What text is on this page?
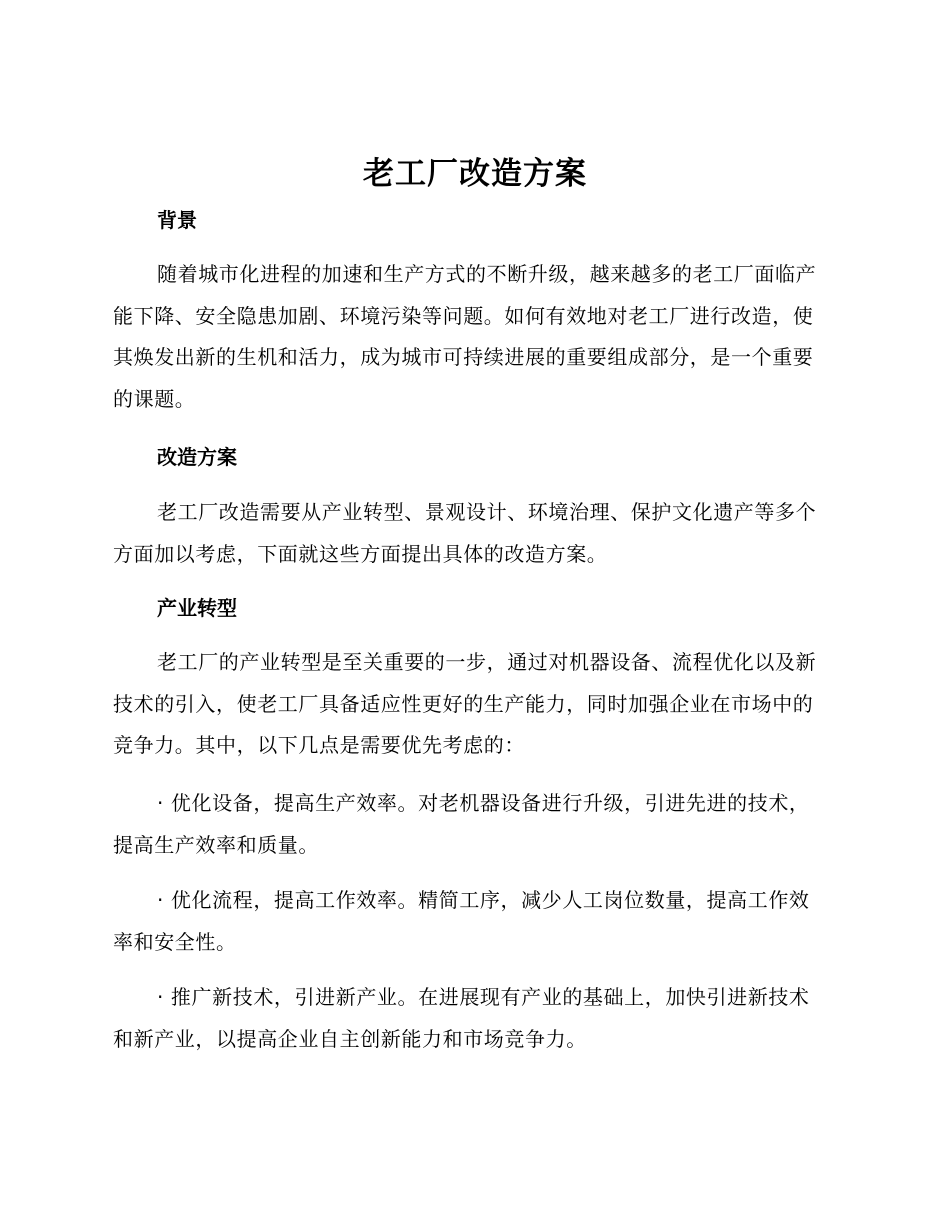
老工厂改造方案
背景

随着城市化进程的加速和生产方式的不断升级，越来越多的老工厂面临产能下降、安全隐患加剧、环境污染等问题。如何有效地对老工厂进行改造，使其焕发出新的生机和活力，成为城市可持续进展的重要组成部分，是一个重要的课题。

改造方案

老工厂改造需要从产业转型、景观设计、环境治理、保护文化遗产等多个方面加以考虑，下面就这些方面提出具体的改造方案。

产业转型

老工厂的产业转型是至关重要的一步，通过对机器设备、流程优化以及新技术的引入，使老工厂具备适应性更好的生产能力，同时加强企业在市场中的竞争力。其中，以下几点是需要优先考虑的：

· 优化设备，提高生产效率。对老机器设备进行升级，引进先进的技术，提高生产效率和质量。

· 优化流程，提高工作效率。精简工序，减少人工岗位数量，提高工作效率和安全性。

· 推广新技术，引进新产业。在进展现有产业的基础上，加快引进新技术和新产业，以提高企业自主创新能力和市场竞争力。
